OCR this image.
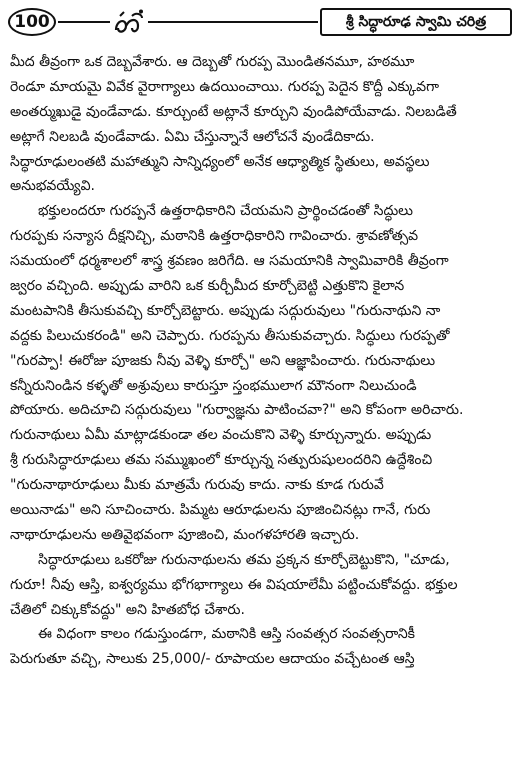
100	శ్రీ సిద్ధారూఢ స్వామి చరిత్ర

మీద తీవ్రంగా ఒక దెబ్బవేశారు. ఆ దెబ్బతో గురప్ప మొండితనమూ, హఠమూ
రెండూ మాయమై వివేక వైరాగ్యాలు ఉదయించాయి. గురప్ప పెదైన కొద్దీ ఎక్కువగా
అంతర్ముఖుడై వుండేవాడు. కూర్చుంటే అట్లానే కూర్చుని వుండిపోయేవాడు. నిలబడితే
అట్లాగే నిలబడి వుండేవాడు. ఏమి చేస్తున్నానే ఆలోచనే వుండేదికాదు.
సిద్ధారూఢులంతటి మహాత్ముని సాన్నిధ్యంలో అనేక ఆధ్యాత్మిక స్థితులు, అవస్థలు
అనుభవయ్యేవి.

భక్తులందరూ గురప్పనే ఉత్తరాధికారిని చేయమని ప్రార్థించడంతో సిద్ధులు
గురప్పకు సన్యాస దీక్షనిచ్చి, మఠానికి ఉత్తరాధికారిని గావించారు. శ్రావణోత్సవ
సమయంలో ధర్మశాలలో శాస్త్ర శ్రవణం జరిగేది. ఆ సమయానికి స్వామివారికి తీవ్రంగా
జ్వరం వచ్చింది. అప్పుడు వారిని ఒక కుర్చీమీద కూర్చోబెట్టి ఎత్తుకొని కైలాన
మంటపానికి తీసుకువచ్చి కూర్చోబెట్టారు. అప్పుడు సద్గురువులు "గురునాథుని నా
వద్దకు పిలుచుకరండి" అని చెప్పారు. గురప్పను తీసుకువచ్చారు. సిద్ధులు గురప్పతో
"గురప్పా! ఈరోజు పూజకు నీవు వెళ్ళి కూర్చో" అని ఆజ్ఞాపించారు. గురునాథులు
కన్నీరునిండిన కళ్ళతో అశ్రువులు కారుస్తూ స్తంభములాగ మౌనంగా నిలుచుండి
పోయారు. అదిచూచి సద్గురువులు "గుర్వాజ్ఞను పాటించవా?" అని కోపంగా అరిచారు.
గురునాథులు ఏమీ మాట్లాడకుండా తల వంచుకొని వెళ్ళి కూర్చున్నారు. అప్పుడు
శ్రీ గురుసిద్ధారూఢులు తమ సమ్ముఖంలో కూర్చున్న సత్పురుషులందరిని ఉద్దేశించి
"గురునాథారూఢులు మీకు మాత్రమే గురువు కాదు. నాకు కూడ గురువే
అయినాడు" అని సూచించారు. పిమ్మట ఆరూఢులను పూజించినట్లు గానే, గురు
నాథారూఢులను అతివైభవంగా పూజించి, మంగళహారతి ఇచ్చారు.

సిద్ధారూఢులు ఒకరోజు గురునాథులను తమ ప్రక్కన కూర్చోబెట్టుకొని, "చూడు,
గురూ! నీవు ఆస్తి, ఐశ్వర్యము భోగభాగ్యాలు ఈ విషయాలేమీ పట్టించుకోవద్దు. భక్తుల
చేతిలో చిక్కుకోవద్దు" అని హితబోధ చేశారు.

ఈ విధంగా కాలం గడుస్తుండగా, మఠానికి ఆస్తి సంవత్సర సంవత్సరానికీ
పెరుగుతూ వచ్చి, సాలుకు 25,000/- రూపాయల ఆదాయం వచ్చేటంత ఆస్తి
